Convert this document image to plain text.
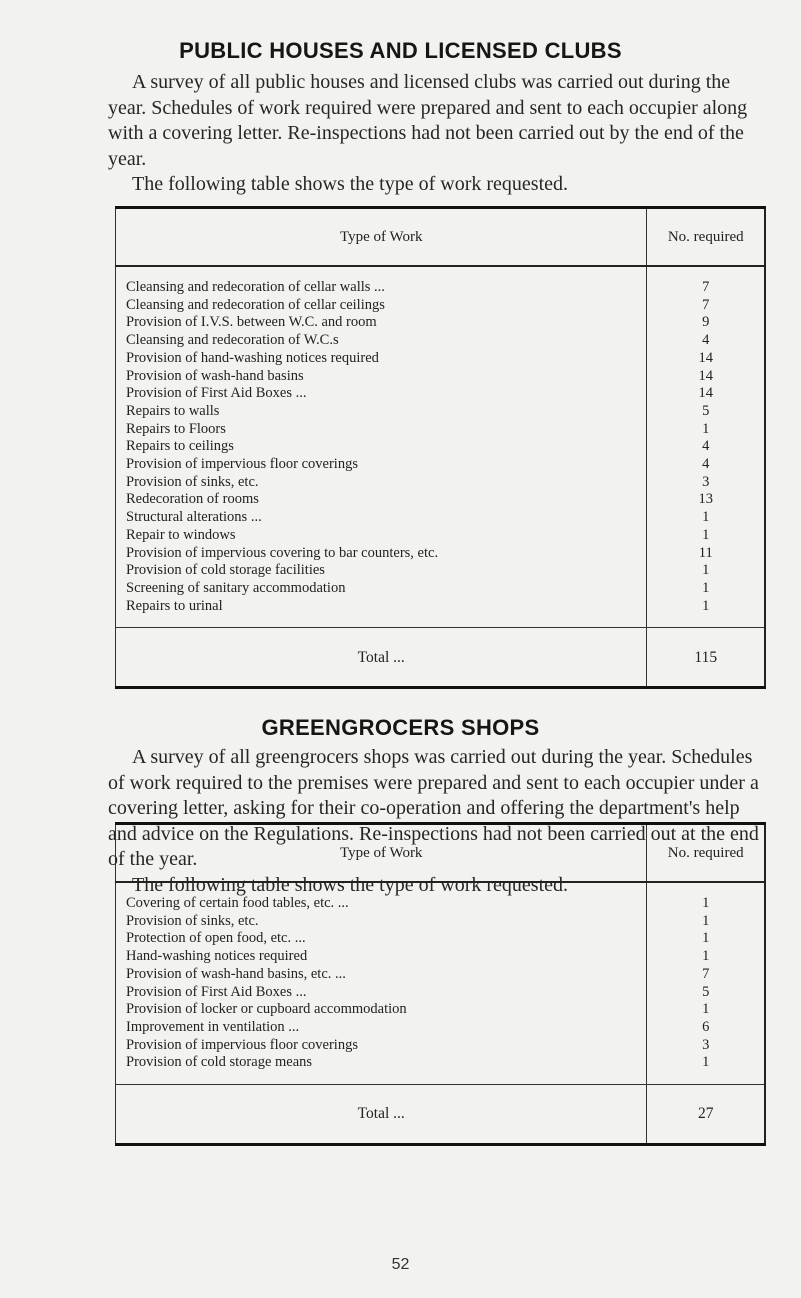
PUBLIC HOUSES AND LICENSED CLUBS

A survey of all public houses and licensed clubs was carried out during the year. Schedules of work required were prepared and sent to each occupier along with a covering letter. Re-inspections had not been carried out by the end of the year.

The following table shows the type of work requested.

Type of Work	No. required
Cleansing and redecoration of cellar walls ...	7
Cleansing and redecoration of cellar ceilings	7
Provision of I.V.S. between W.C. and room	9
Cleansing and redecoration of W.C.s	4
Provision of hand-washing notices required	14
Provision of wash-hand basins	14
Provision of First Aid Boxes ...	14
Repairs to walls	5
Repairs to Floors	1
Repairs to ceilings	4
Provision of impervious floor coverings	4
Provision of sinks, etc.	3
Redecoration of rooms	13
Structural alterations ...	1
Repair to windows	1
Provision of impervious covering to bar counters, etc.	11
Provision of cold storage facilities	1
Screening of sanitary accommodation	1
Repairs to urinal	1
Total ...	115
GREENGROCERS SHOPS

A survey of all greengrocers shops was carried out during the year. Schedules of work required to the premises were prepared and sent to each occupier under a covering letter, asking for their co-operation and offering the department's help and advice on the Regulations. Re-inspections had not been carried out at the end of the year.

The following table shows the type of work requested.

Type of Work	No. required
Covering of certain food tables, etc. ...	1
Provision of sinks, etc.	1
Protection of open food, etc. ...	1
Hand-washing notices required	1
Provision of wash-hand basins, etc. ...	7
Provision of First Aid Boxes ...	5
Provision of locker or cupboard accommodation	1
Improvement in ventilation ...	6
Provision of impervious floor coverings	3
Provision of cold storage means	1
Total ...	27
52
